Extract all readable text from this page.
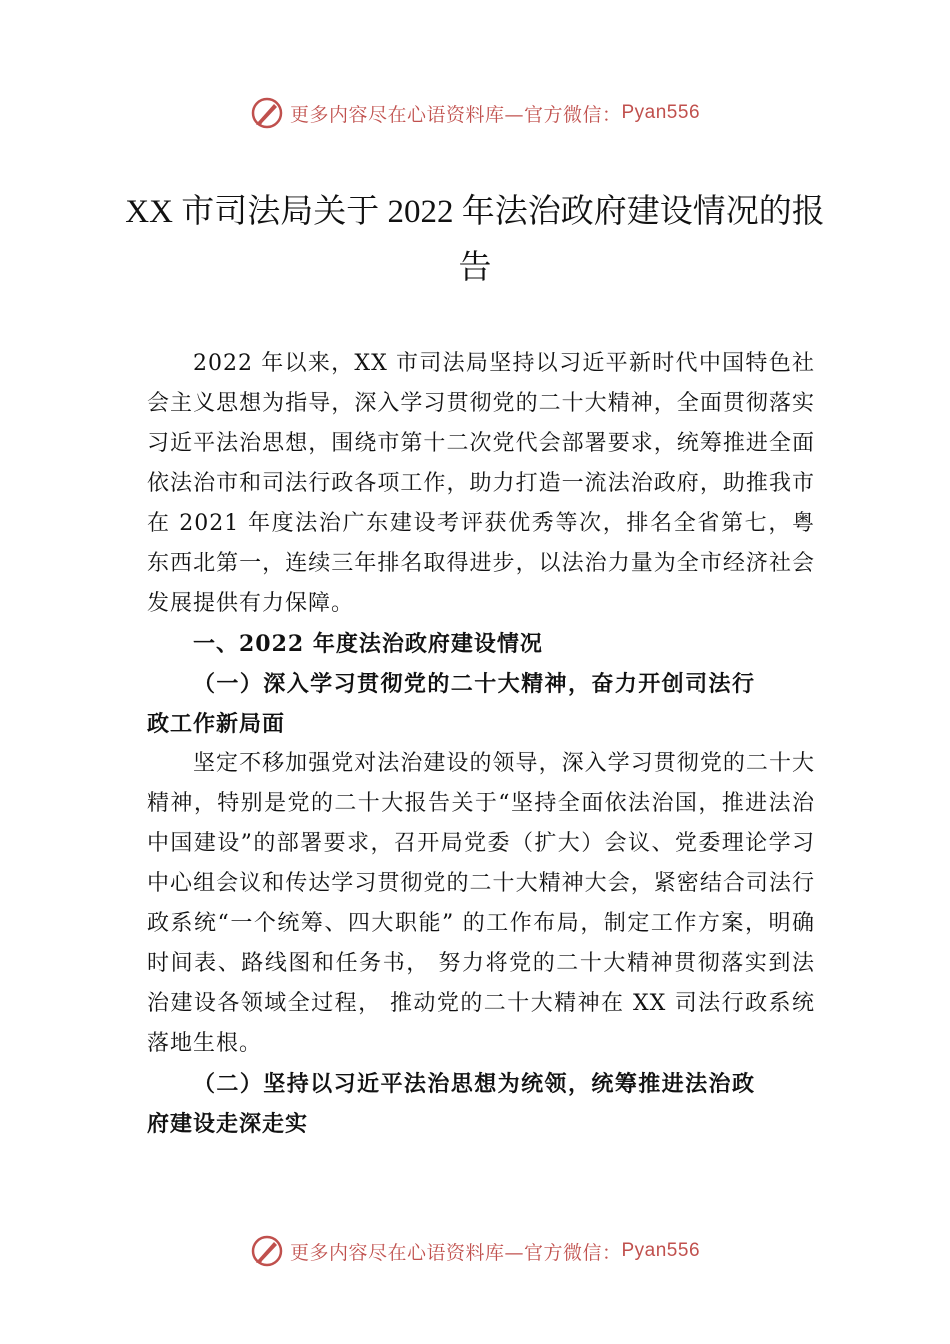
更多内容尽在心语资料库—官方微信： Pyan556
XX 市司法局关于 2022 年法治政府建设情况的报告

2022 年以来，XX 市司法局坚持以习近平新时代中国特色社会主义思想为指导，深入学习贯彻党的二十大精神，全面贯彻落实习近平法治思想，围绕市第十二次党代会部署要求，统筹推进全面依法治市和司法行政各项工作，助力打造一流法治政府，助推我市在 2021 年度法治广东建设考评获优秀等次，排名全省第七，粤东西北第一，连续三年排名取得进步，以法治力量为全市经济社会发展提供有力保障。

一、2022 年度法治政府建设情况

（一）深入学习贯彻党的二十大精神，奋力开创司法行政工作新局面

坚定不移加强党对法治建设的领导，深入学习贯彻党的二十大精神，特别是党的二十大报告关于“坚持全面依法治国，推进法治中国建设”的部署要求，召开局党委（扩大）会议、党委理论学习中心组会议和传达学习贯彻党的二十大精神大会，紧密结合司法行政系统“一个统筹、四大职能” 的工作布局，制定工作方案，明确时间表、路线图和任务书， 努力将党的二十大精神贯彻落实到法治建设各领域全过程， 推动党的二十大精神在 XX 司法行政系统落地生根。

（二）坚持以习近平法治思想为统领，统筹推进法治政府建设走深走实

更多内容尽在心语资料库—官方微信： Pyan556
